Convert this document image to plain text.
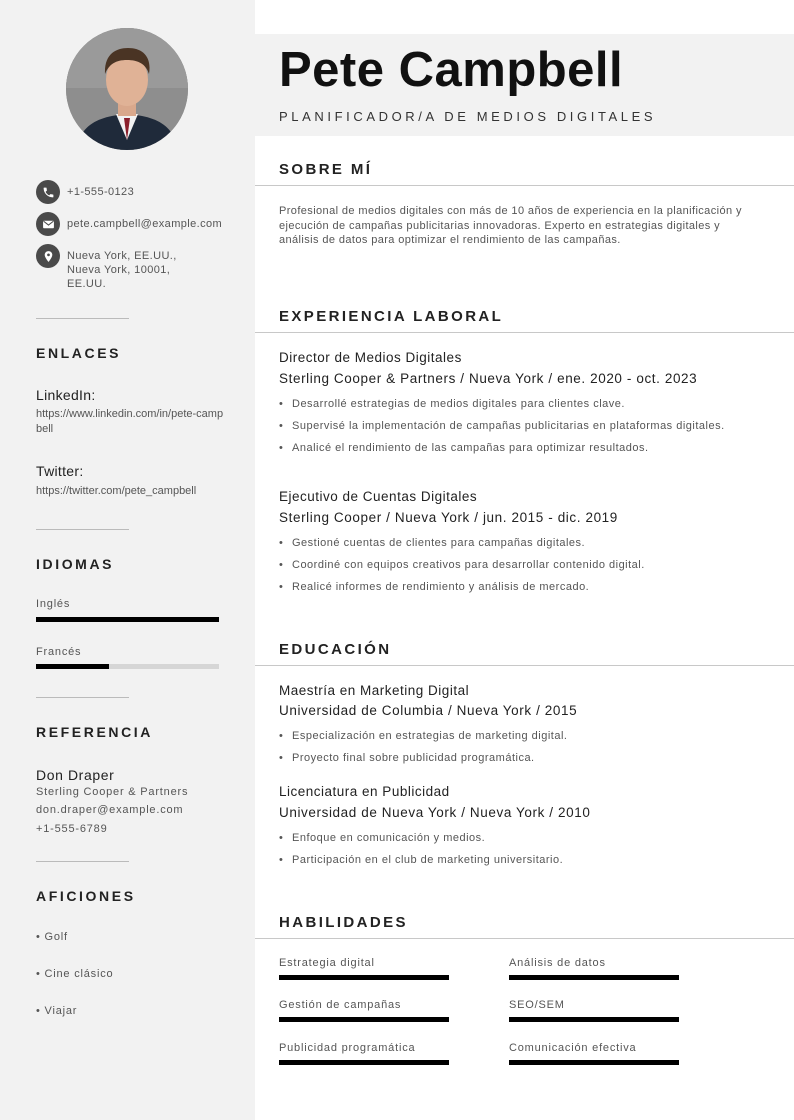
+1-555-0123
pete.campbell@example.com
Nueva York, EE.UU.,
Nueva York, 10001,
EE.UU.
ENLACES
LinkedIn:
https://www.linkedin.com/in/pete-campbell
Twitter:
https://twitter.com/pete_campbell
IDIOMAS
Inglés
Francés
REFERENCIA
Don Draper
Sterling Cooper & Partners
don.draper@example.com
+1-555-6789
AFICIONES
• Golf
• Cine clásico
• Viajar
Pete Campbell
PLANIFICADOR/A DE MEDIOS DIGITALES
SOBRE MÍ
Profesional de medios digitales con más de 10 años de experiencia en la planificación y ejecución de campañas publicitarias innovadoras. Experto en estrategias digitales y análisis de datos para optimizar el rendimiento de las campañas.
EXPERIENCIA LABORAL
Director de Medios Digitales
Sterling Cooper & Partners / Nueva York / ene. 2020 - oct. 2023
• Desarrollé estrategias de medios digitales para clientes clave.
• Supervisé la implementación de campañas publicitarias en plataformas digitales.
• Analicé el rendimiento de las campañas para optimizar resultados.
Ejecutivo de Cuentas Digitales
Sterling Cooper / Nueva York / jun. 2015 - dic. 2019
• Gestioné cuentas de clientes para campañas digitales.
• Coordiné con equipos creativos para desarrollar contenido digital.
• Realicé informes de rendimiento y análisis de mercado.
EDUCACIÓN
Maestría en Marketing Digital
Universidad de Columbia / Nueva York / 2015
• Especialización en estrategias de marketing digital.
• Proyecto final sobre publicidad programática.
Licenciatura en Publicidad
Universidad de Nueva York / Nueva York / 2010
• Enfoque en comunicación y medios.
• Participación en el club de marketing universitario.
HABILIDADES
Estrategia digital	Análisis de datos
Gestión de campañas	SEO/SEM
Publicidad programática	Comunicación efectiva
